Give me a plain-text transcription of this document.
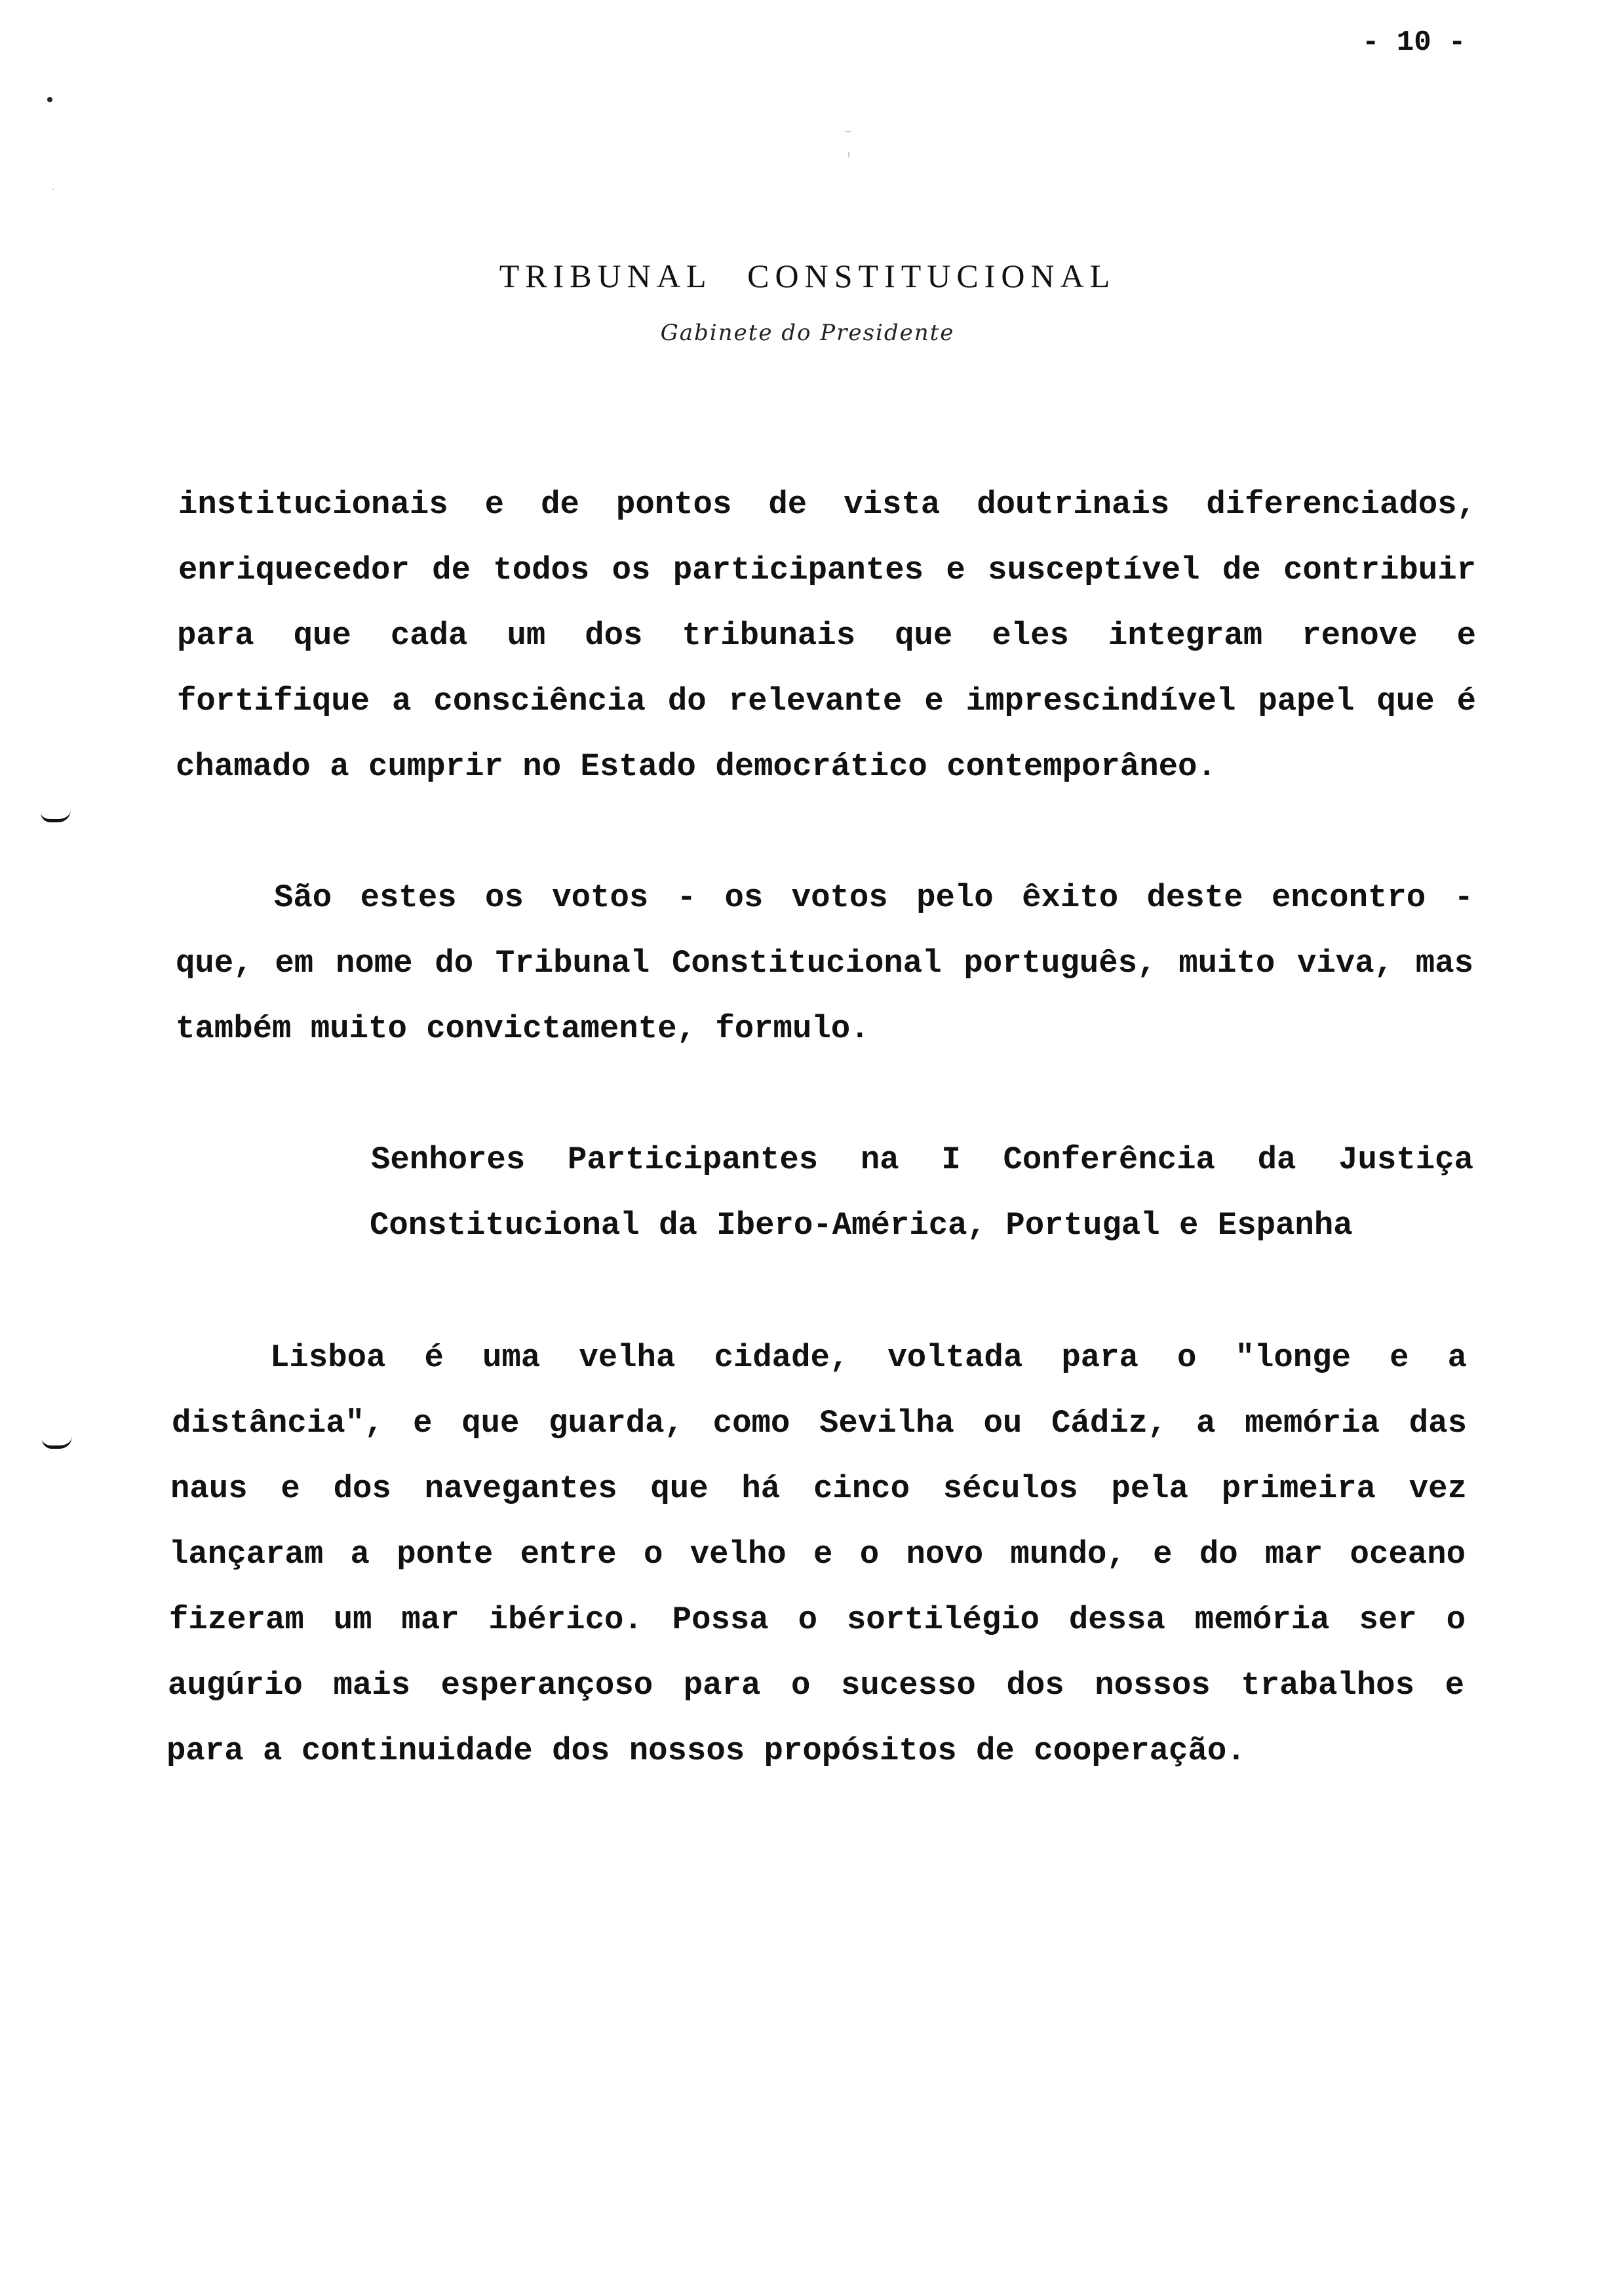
- 10 -
TRIBUNAL CONSTITUCIONAL
Gabinete do Presidente

institucionais e de pontos de vista doutrinais diferenciados,

enriquecedor de todos os participantes e susceptível de contribuir

para que cada um dos tribunais que eles integram renove e

fortifique a consciência do relevante e imprescindível papel que é

chamado a cumprir no Estado democrático contemporâneo.

São estes os votos - os votos pelo êxito deste encontro -

que, em nome do Tribunal Constitucional português, muito viva, mas

também muito convictamente, formulo.

Senhores Participantes na I Conferência da Justiça

Constitucional da Ibero-América, Portugal e Espanha

Lisboa é uma velha cidade, voltada para o "longe e a

distância", e que guarda, como Sevilha ou Cádiz, a memória das

naus e dos navegantes que há cinco séculos pela primeira vez

lançaram a ponte entre o velho e o novo mundo, e do mar oceano

fizeram um mar ibérico. Possa o sortilégio dessa memória ser o

augúrio mais esperançoso para o sucesso dos nossos trabalhos e

para a continuidade dos nossos propósitos de cooperação.
